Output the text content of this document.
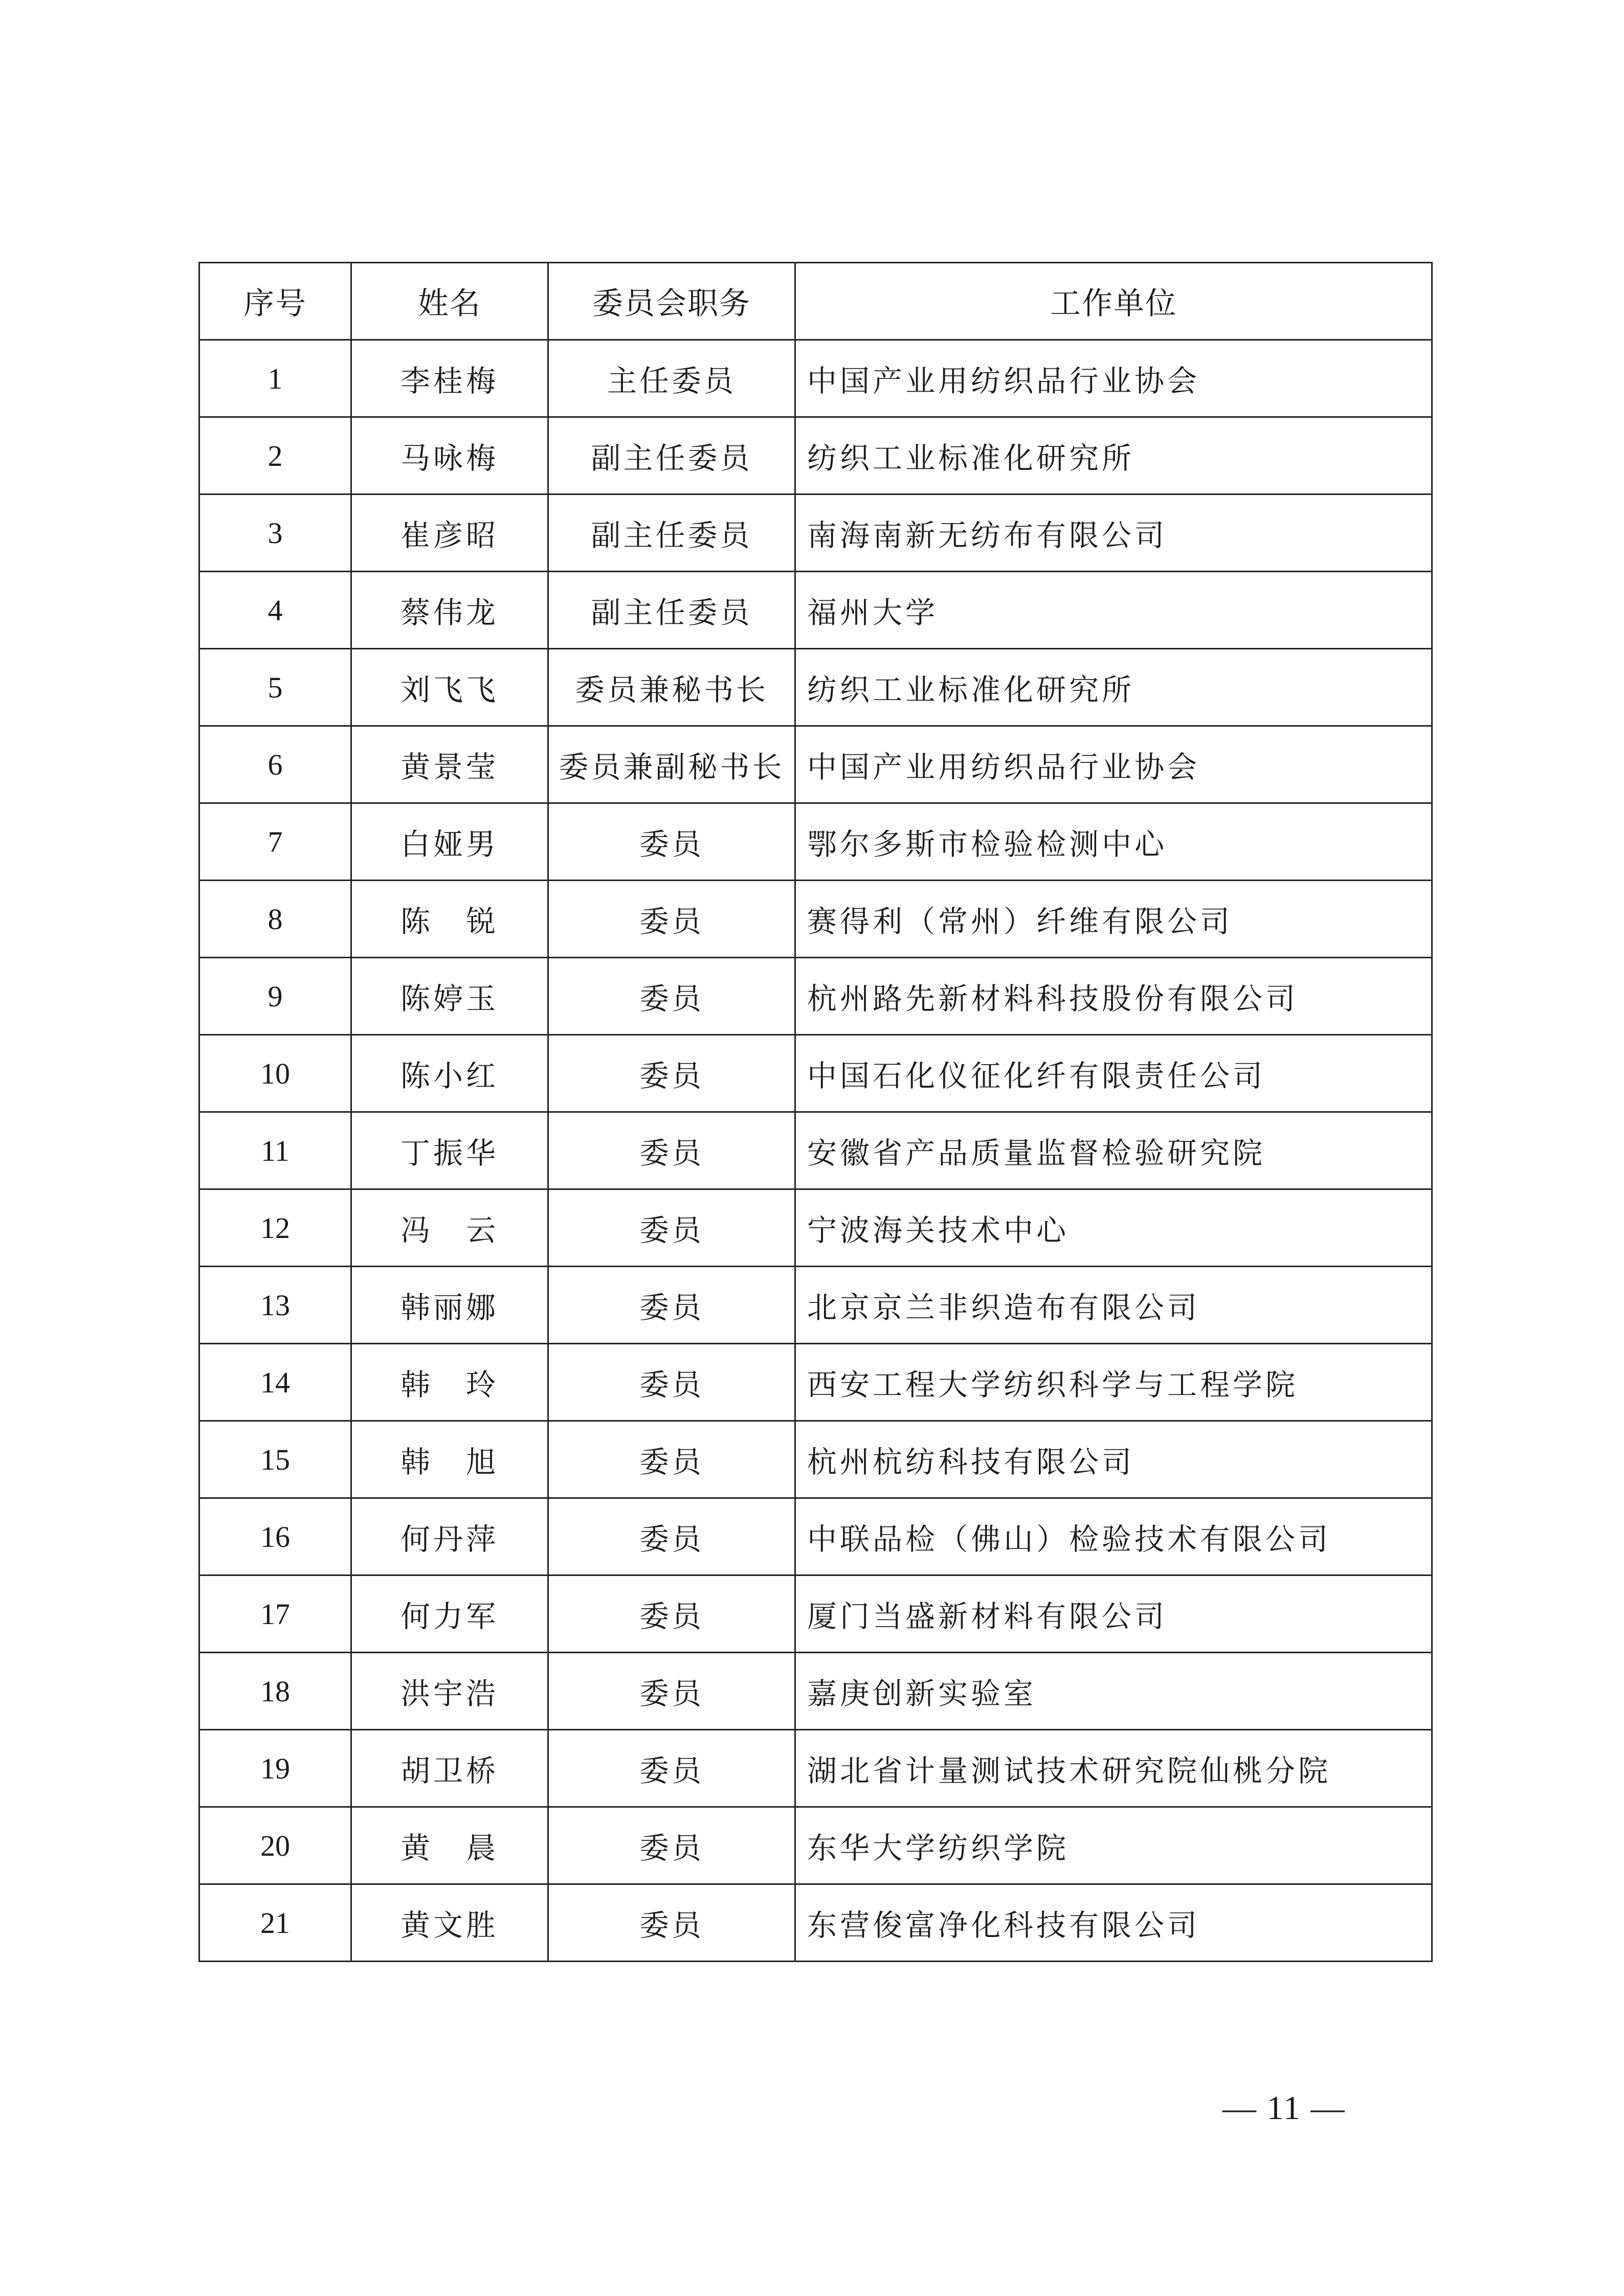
序号	姓名	委员会职务	工作单位
1	李桂梅	主任委员	中国产业用纺织品行业协会
2	马咏梅	副主任委员	纺织工业标准化研究所
3	崔彦昭	副主任委员	南海南新无纺布有限公司
4	蔡伟龙	副主任委员	福州大学
5	刘飞飞	委员兼秘书长	纺织工业标准化研究所
6	黄景莹	委员兼副秘书长	中国产业用纺织品行业协会
7	白娅男	委员	鄂尔多斯市检验检测中心
8	陈　锐	委员	赛得利（常州）纤维有限公司
9	陈婷玉	委员	杭州路先新材料科技股份有限公司
10	陈小红	委员	中国石化仪征化纤有限责任公司
11	丁振华	委员	安徽省产品质量监督检验研究院
12	冯　云	委员	宁波海关技术中心
13	韩丽娜	委员	北京京兰非织造布有限公司
14	韩　玲	委员	西安工程大学纺织科学与工程学院
15	韩　旭	委员	杭州杭纺科技有限公司
16	何丹萍	委员	中联品检（佛山）检验技术有限公司
17	何力军	委员	厦门当盛新材料有限公司
18	洪宇浩	委员	嘉庚创新实验室
19	胡卫桥	委员	湖北省计量测试技术研究院仙桃分院
20	黄　晨	委员	东华大学纺织学院
21	黄文胜	委员	东营俊富净化科技有限公司
— 11 —
